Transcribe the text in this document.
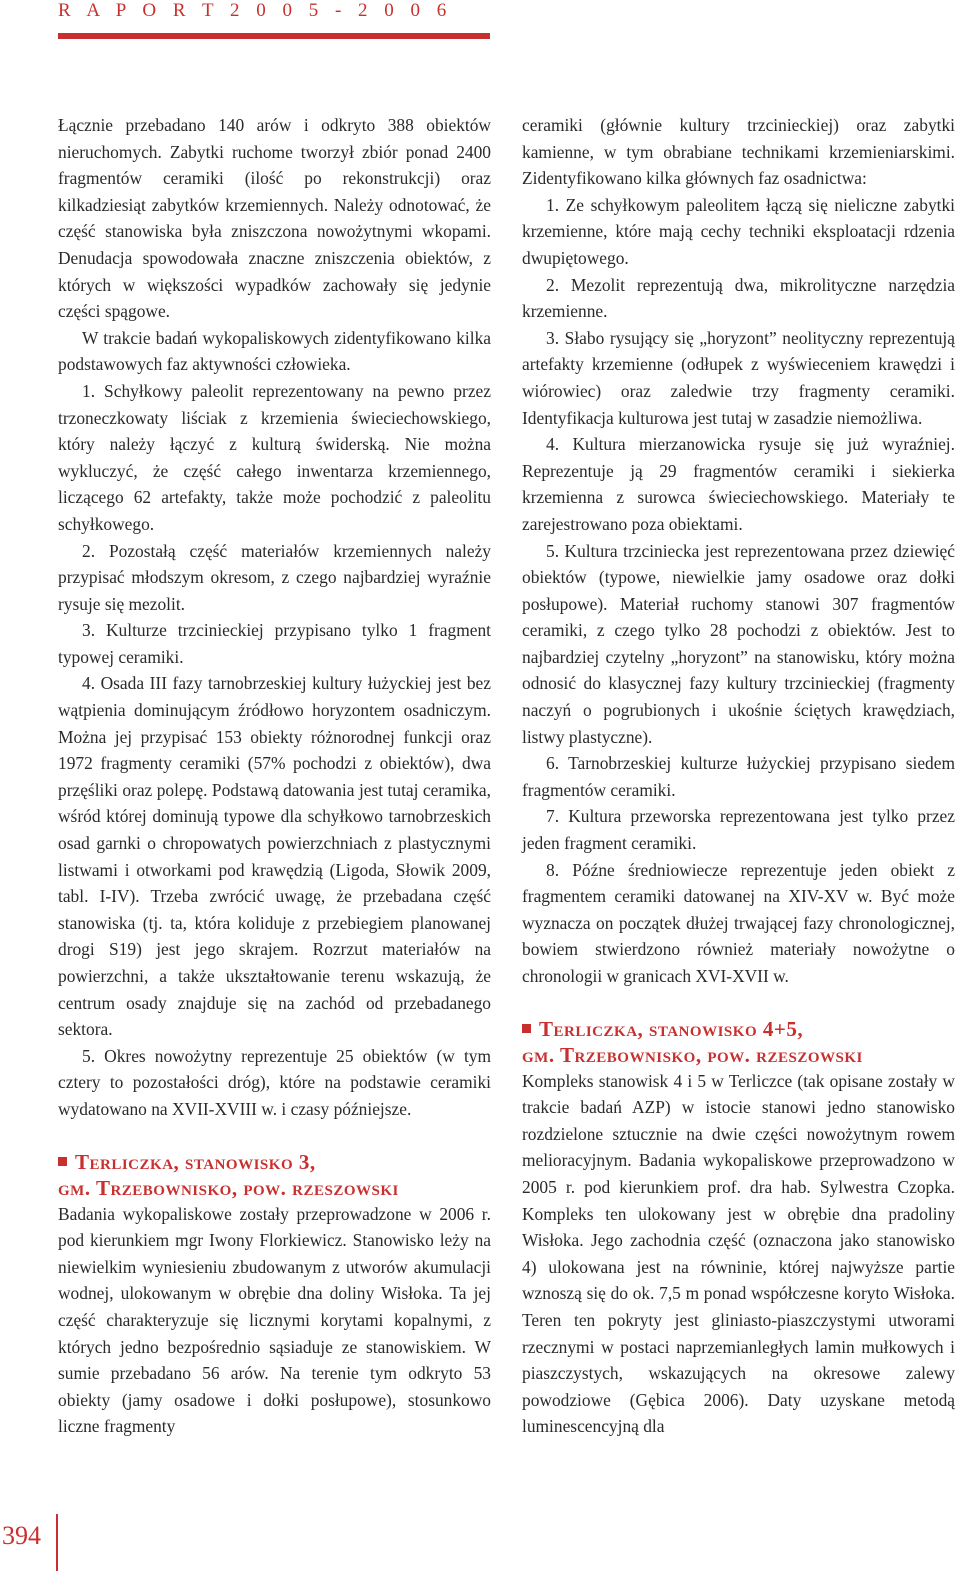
R A P O R T 2 0 0 5 - 2 0 0 6

Łącznie przebadano 140 arów i odkryto 388 obiektów nieruchomych. Zabytki ruchome tworzył zbiór ponad 2400 fragmentów ceramiki (ilość po rekonstrukcji) oraz kilkadziesiąt zabytków krzemiennych. Należy odnotować, że część stanowiska była zniszczona nowożytnymi wkopami. Denudacja spowodowała znaczne zniszczenia obiektów, z których w większości wypadków zachowały się jedynie części spągowe.

W trakcie badań wykopaliskowych zidentyfikowano kilka podstawowych faz aktywności człowieka.

1. Schyłkowy paleolit reprezentowany na pewno przez trzoneczkowaty liściak z krzemienia świeciechowskiego, który należy łączyć z kulturą świderską. Nie można wykluczyć, że część całego inwentarza krzemiennego, liczącego 62 artefakty, także może pochodzić z paleolitu schyłkowego.

2. Pozostałą część materiałów krzemiennych należy przypisać młodszym okresom, z czego najbardziej wyraźnie rysuje się mezolit.

3. Kulturze trzcinieckiej przypisano tylko 1 fragment typowej ceramiki.

4. Osada III fazy tarnobrzeskiej kultury łużyckiej jest bez wątpienia dominującym źródłowo horyzontem osadniczym. Można jej przypisać 153 obiekty różnorodnej funkcji oraz 1972 fragmenty ceramiki (57% pochodzi z obiektów), dwa przęśliki oraz polepę. Podstawą datowania jest tutaj ceramika, wśród której dominują typowe dla schyłkowo tarnobrzeskich osad garnki o chropowatych powierzchniach z plastycznymi listwami i otworkami pod krawędzią (Ligoda, Słowik 2009, tabl. I-IV). Trzeba zwrócić uwagę, że przebadana część stanowiska (tj. ta, która koliduje z przebiegiem planowanej drogi S19) jest jego skrajem. Rozrzut materiałów na powierzchni, a także ukształtowanie terenu wskazują, że centrum osady znajduje się na zachód od przebadanego sektora.

5. Okres nowożytny reprezentuje 25 obiektów (w tym cztery to pozostałości dróg), które na podstawie ceramiki wydatowano na XVII-XVIII w. i czasy późniejsze.

Terliczka, stanowisko 3,
gm. Trzebownisko, pow. rzeszowski

Badania wykopaliskowe zostały przeprowadzone w 2006 r. pod kierunkiem mgr Iwony Florkiewicz. Stanowisko leży na niewielkim wyniesieniu zbudowanym z utworów akumulacji wodnej, ulokowanym w obrębie dna doliny Wisłoka. Ta jej część charakteryzuje się licznymi korytami kopalnymi, z których jedno bezpośrednio sąsiaduje ze stanowiskiem. W sumie przebadano 56 arów. Na terenie tym odkryto 53 obiekty (jamy osadowe i dołki posłupowe), stosunkowo liczne fragmenty

ceramiki (głównie kultury trzcinieckiej) oraz zabytki kamienne, w tym obrabiane technikami krzemieniarskimi. Zidentyfikowano kilka głównych faz osadnictwa:

1. Ze schyłkowym paleolitem łączą się nieliczne zabytki krzemienne, które mają cechy techniki eksploatacji rdzenia dwupiętowego.

2. Mezolit reprezentują dwa, mikrolityczne narzędzia krzemienne.

3. Słabo rysujący się „horyzont” neolityczny reprezentują artefakty krzemienne (odłupek z wyświeceniem krawędzi i wiórowiec) oraz zaledwie trzy fragmenty ceramiki. Identyfikacja kulturowa jest tutaj w zasadzie niemożliwa.

4. Kultura mierzanowicka rysuje się już wyraźniej. Reprezentuje ją 29 fragmentów ceramiki i siekierka krzemienna z surowca świeciechowskiego. Materiały te zarejestrowano poza obiektami.

5. Kultura trzciniecka jest reprezentowana przez dziewięć obiektów (typowe, niewielkie jamy osadowe oraz dołki posłupowe). Materiał ruchomy stanowi 307 fragmentów ceramiki, z czego tylko 28 pochodzi z obiektów. Jest to najbardziej czytelny „horyzont” na stanowisku, który można odnosić do klasycznej fazy kultury trzcinieckiej (fragmenty naczyń o pogrubionych i ukośnie ściętych krawędziach, listwy plastyczne).

6. Tarnobrzeskiej kulturze łużyckiej przypisano siedem fragmentów ceramiki.

7. Kultura przeworska reprezentowana jest tylko przez jeden fragment ceramiki.

8. Późne średniowiecze reprezentuje jeden obiekt z fragmentem ceramiki datowanej na XIV-XV w. Być może wyznacza on początek dłużej trwającej fazy chronologicznej, bowiem stwierdzono również materiały nowożytne o chronologii w granicach XVI-XVII w.

Terliczka, stanowisko 4+5,
gm. Trzebownisko, pow. rzeszowski

Kompleks stanowisk 4 i 5 w Terliczce (tak opisane zostały w trakcie badań AZP) w istocie stanowi jedno stanowisko rozdzielone sztucznie na dwie części nowożytnym rowem melioracyjnym. Badania wykopaliskowe przeprowadzono w 2005 r. pod kierunkiem prof. dra hab. Sylwestra Czopka. Kompleks ten ulokowany jest w obrębie dna pradoliny Wisłoka. Jego zachodnia część (oznaczona jako stanowisko 4) ulokowana jest na równinie, której najwyższe partie wznoszą się do ok. 7,5 m ponad współczesne koryto Wisłoka. Teren ten pokryty jest gliniasto-piaszczystymi utworami rzecznymi w postaci naprzemianległych lamin mułkowych i piaszczystych, wskazujących na okresowe zalewy powodziowe (Gębica 2006). Daty uzyskane metodą luminescencyjną dla

394
